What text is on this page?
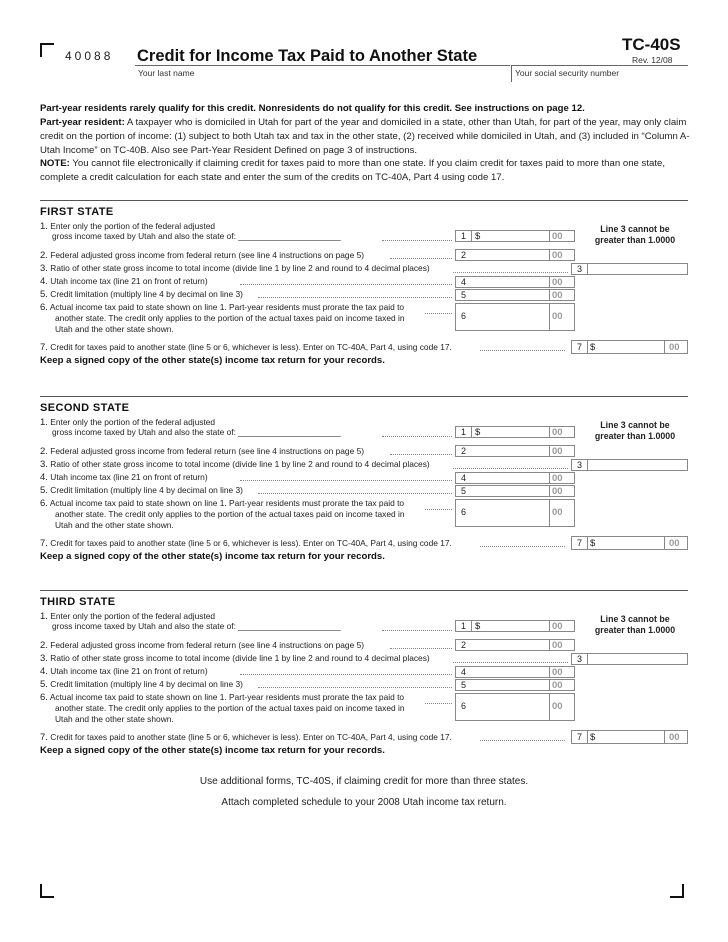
40088 Credit for Income Tax Paid to Another State
TC-40S
Rev. 12/08
Your last name	Your social security number
Part-year residents rarely qualify for this credit. Nonresidents do not qualify for this credit. See instructions on page 12.
Part-year resident: A taxpayer who is domiciled in Utah for part of the year and domiciled in a state, other than Utah, for part of the year, may only claim credit on the portion of income: (1) subject to both Utah tax and tax in the other state, (2) received while domiciled in Utah, and (3) included in “Column A-Utah Income” on TC-40B. Also see Part-Year Resident Defined on page 3 of instructions.
NOTE: You cannot file electronically if claiming credit for taxes paid to more than one state. If you claim credit for taxes paid to more than one state, complete a credit calculation for each state and enter the sum of the credits on TC-40A, Part 4 using code 17.
FIRST STATE
1. Enter only the portion of the federal adjusted
gross income taxed by Utah and also the state of: ______________________	1 $	00
Line 3 cannot be
greater than 1.0000
2. Federal adjusted gross income from federal return (see line 4 instructions on page 5)	2	00
3. Ratio of other state gross income to total income (divide line 1 by line 2 and round to 4 decimal places)	3
4. Utah income tax (line 21 on front of return)	4	00
5. Credit limitation (multiply line 4 by decimal on line 3)	5	00
6. Actual income tax paid to state shown on line 1. Part-year residents must prorate the tax paid to
another state. The credit only applies to the portion of the actual taxes paid on income taxed in
Utah and the other state shown.
6	00
7. Credit for taxes paid to another state (line 5 or 6, whichever is less). Enter on TC-40A, Part 4, using code 17.	7 $	00
Keep a signed copy of the other state(s) income tax return for your records.
SECOND STATE
1. Enter only the portion of the federal adjusted
gross income taxed by Utah and also the state of: ______________________	1 $	00
Line 3 cannot be
greater than 1.0000
2. Federal adjusted gross income from federal return (see line 4 instructions on page 5)	2	00
3. Ratio of other state gross income to total income (divide line 1 by line 2 and round to 4 decimal places)	3
4. Utah income tax (line 21 on front of return)	4	00
5. Credit limitation (multiply line 4 by decimal on line 3)	5	00
6. Actual income tax paid to state shown on line 1. Part-year residents must prorate the tax paid to
another state. The credit only applies to the portion of the actual taxes paid on income taxed in
Utah and the other state shown.
6	00
7. Credit for taxes paid to another state (line 5 or 6, whichever is less). Enter on TC-40A, Part 4, using code 17.	7 $	00
Keep a signed copy of the other state(s) income tax return for your records.
THIRD STATE
1. Enter only the portion of the federal adjusted
gross income taxed by Utah and also the state of: ______________________	1 $	00
Line 3 cannot be
greater than 1.0000
2. Federal adjusted gross income from federal return (see line 4 instructions on page 5)	2	00
3. Ratio of other state gross income to total income (divide line 1 by line 2 and round to 4 decimal places)	3
4. Utah income tax (line 21 on front of return)	4	00
5. Credit limitation (multiply line 4 by decimal on line 3)	5	00
6. Actual income tax paid to state shown on line 1. Part-year residents must prorate the tax paid to
another state. The credit only applies to the portion of the actual taxes paid on income taxed in
Utah and the other state shown.
6	00
7. Credit for taxes paid to another state (line 5 or 6, whichever is less). Enter on TC-40A, Part 4, using code 17.	7 $	00
Keep a signed copy of the other state(s) income tax return for your records.
Use additional forms, TC-40S, if claiming credit for more than three states.
Attach completed schedule to your 2008 Utah income tax return.
